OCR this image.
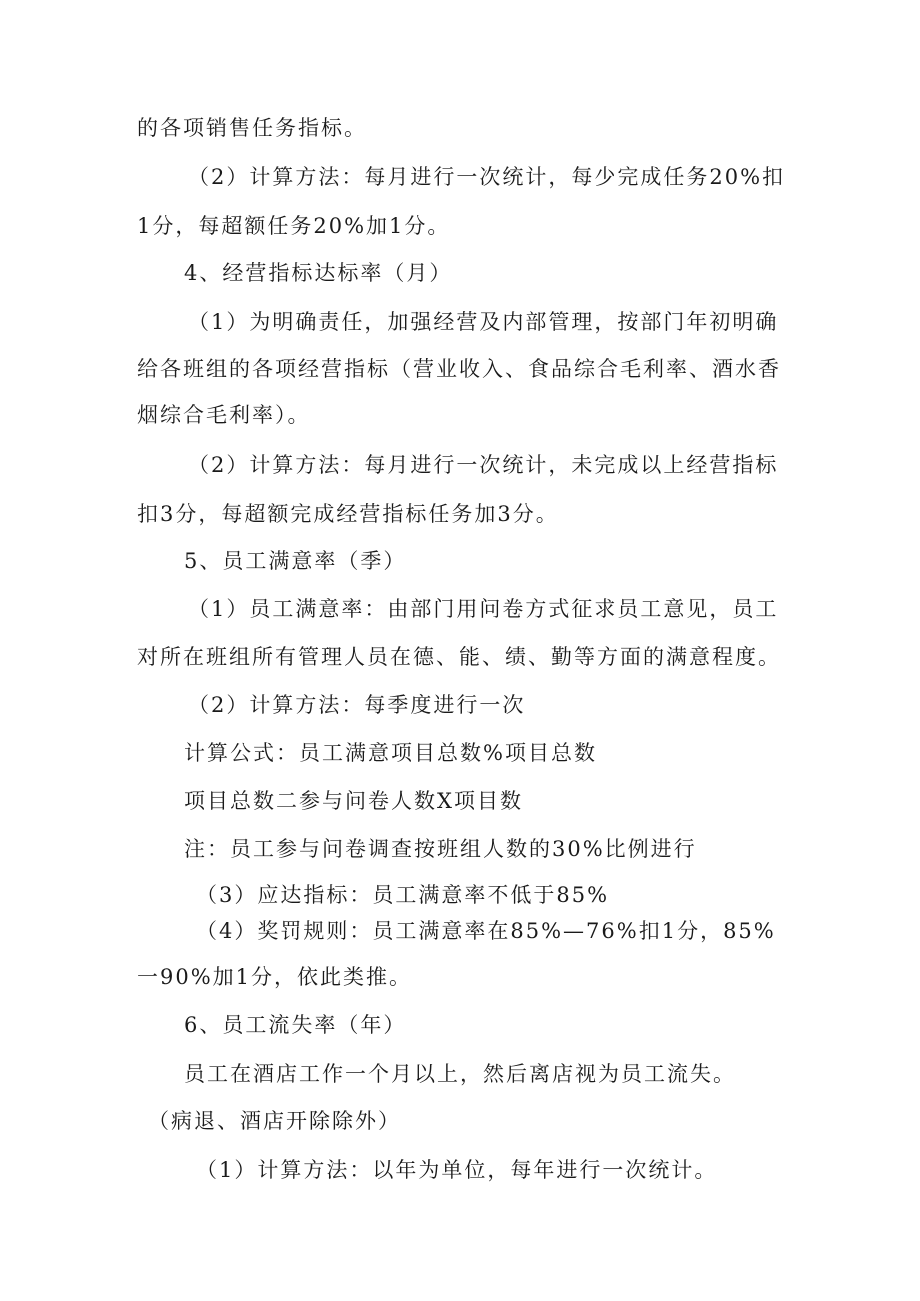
的各项销售任务指标。
（2）计算方法：每月进行一次统计，每少完成任务20%扣
1分，每超额任务20%加1分。
4、经营指标达标率（月）
（1）为明确责任，加强经营及内部管理，按部门年初明确
给各班组的各项经营指标（营业收入、食品综合毛利率、酒水香
烟综合毛利率）。
（2）计算方法：每月进行一次统计，未完成以上经营指标
扣3分，每超额完成经营指标任务加3分。
5、员工满意率（季）
（1）员工满意率：由部门用问卷方式征求员工意见，员工
对所在班组所有管理人员在德、能、绩、勤等方面的满意程度。
（2）计算方法：每季度进行一次
计算公式：员工满意项目总数%项目总数
项目总数二参与问卷人数X项目数
注：员工参与问卷调查按班组人数的30%比例进行
（3）应达指标：员工满意率不低于85%
（4）奖罚规则：员工满意率在85%—76%扣1分，85%
一90%加1分，依此类推。
6、员工流失率（年）
员工在酒店工作一个月以上，然后离店视为员工流失。
（病退、酒店开除除外）
（1）计算方法：以年为单位，每年进行一次统计。
